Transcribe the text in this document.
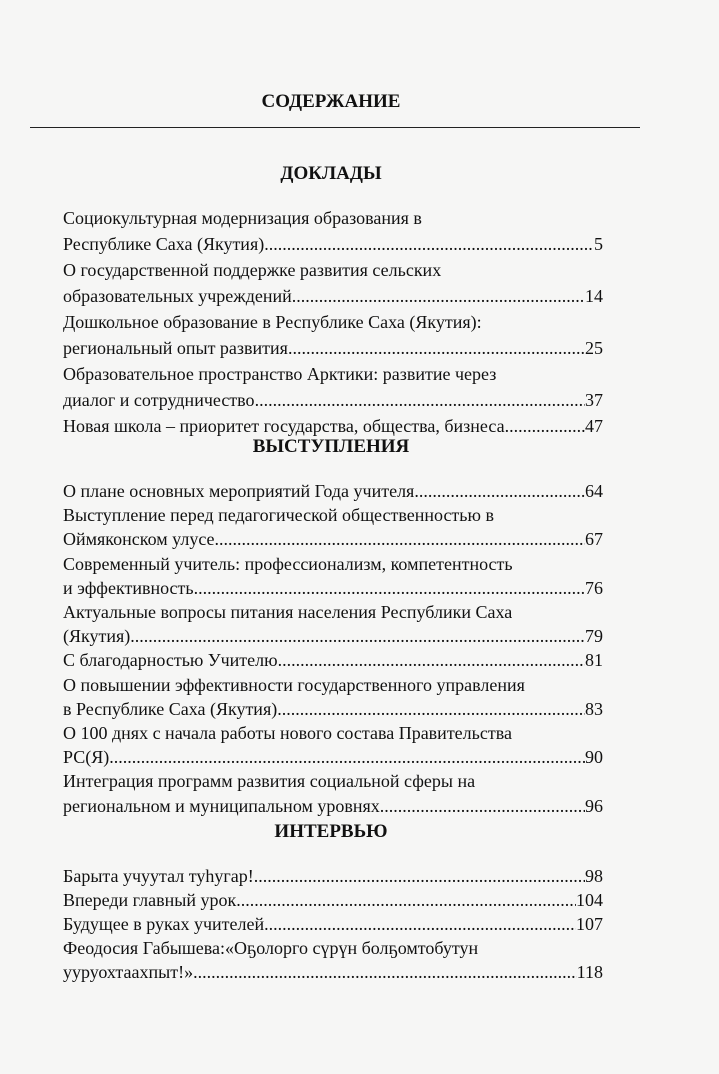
СОДЕРЖАНИЕ
ДОКЛАДЫ
Социокультурная модернизация образования в
Республике Саха (Якутия) .....	5
О государственной поддержке развития сельских
образовательных учреждений .....	14
Дошкольное образование в Республике Саха (Якутия):
региональный опыт развития .....	25
Образовательное пространство Арктики: развитие через
диалог и сотрудничество .....	37
Новая школа – приоритет государства, общества, бизнеса .....	47
ВЫСТУПЛЕНИЯ
О плане основных мероприятий Года учителя .....	64
Выступление перед педагогической общественностью в
Оймяконском улусе .....	67
Современный учитель: профессионализм, компетентность
и эффективность .....	76
Актуальные вопросы питания населения Республики Саха
(Якутия) .....	79
С благодарностью Учителю .....	81
О повышении эффективности государственного управления
в Республике Саха (Якутия) .....	83
О 100 днях с начала работы нового состава Правительства
РС(Я) .....	90
Интеграция программ развития социальной сферы на
региональном и муниципальном уровнях .....	96
ИНТЕРВЬЮ
Барыта учуутал туһугар! .....	98
Впереди главный урок .....	104
Будущее в руках учителей .....	107
Феодосия Габышева:«Оҕолорго сүрүн болҕомтобутун
ууруохтаахпыт!» .....	118
